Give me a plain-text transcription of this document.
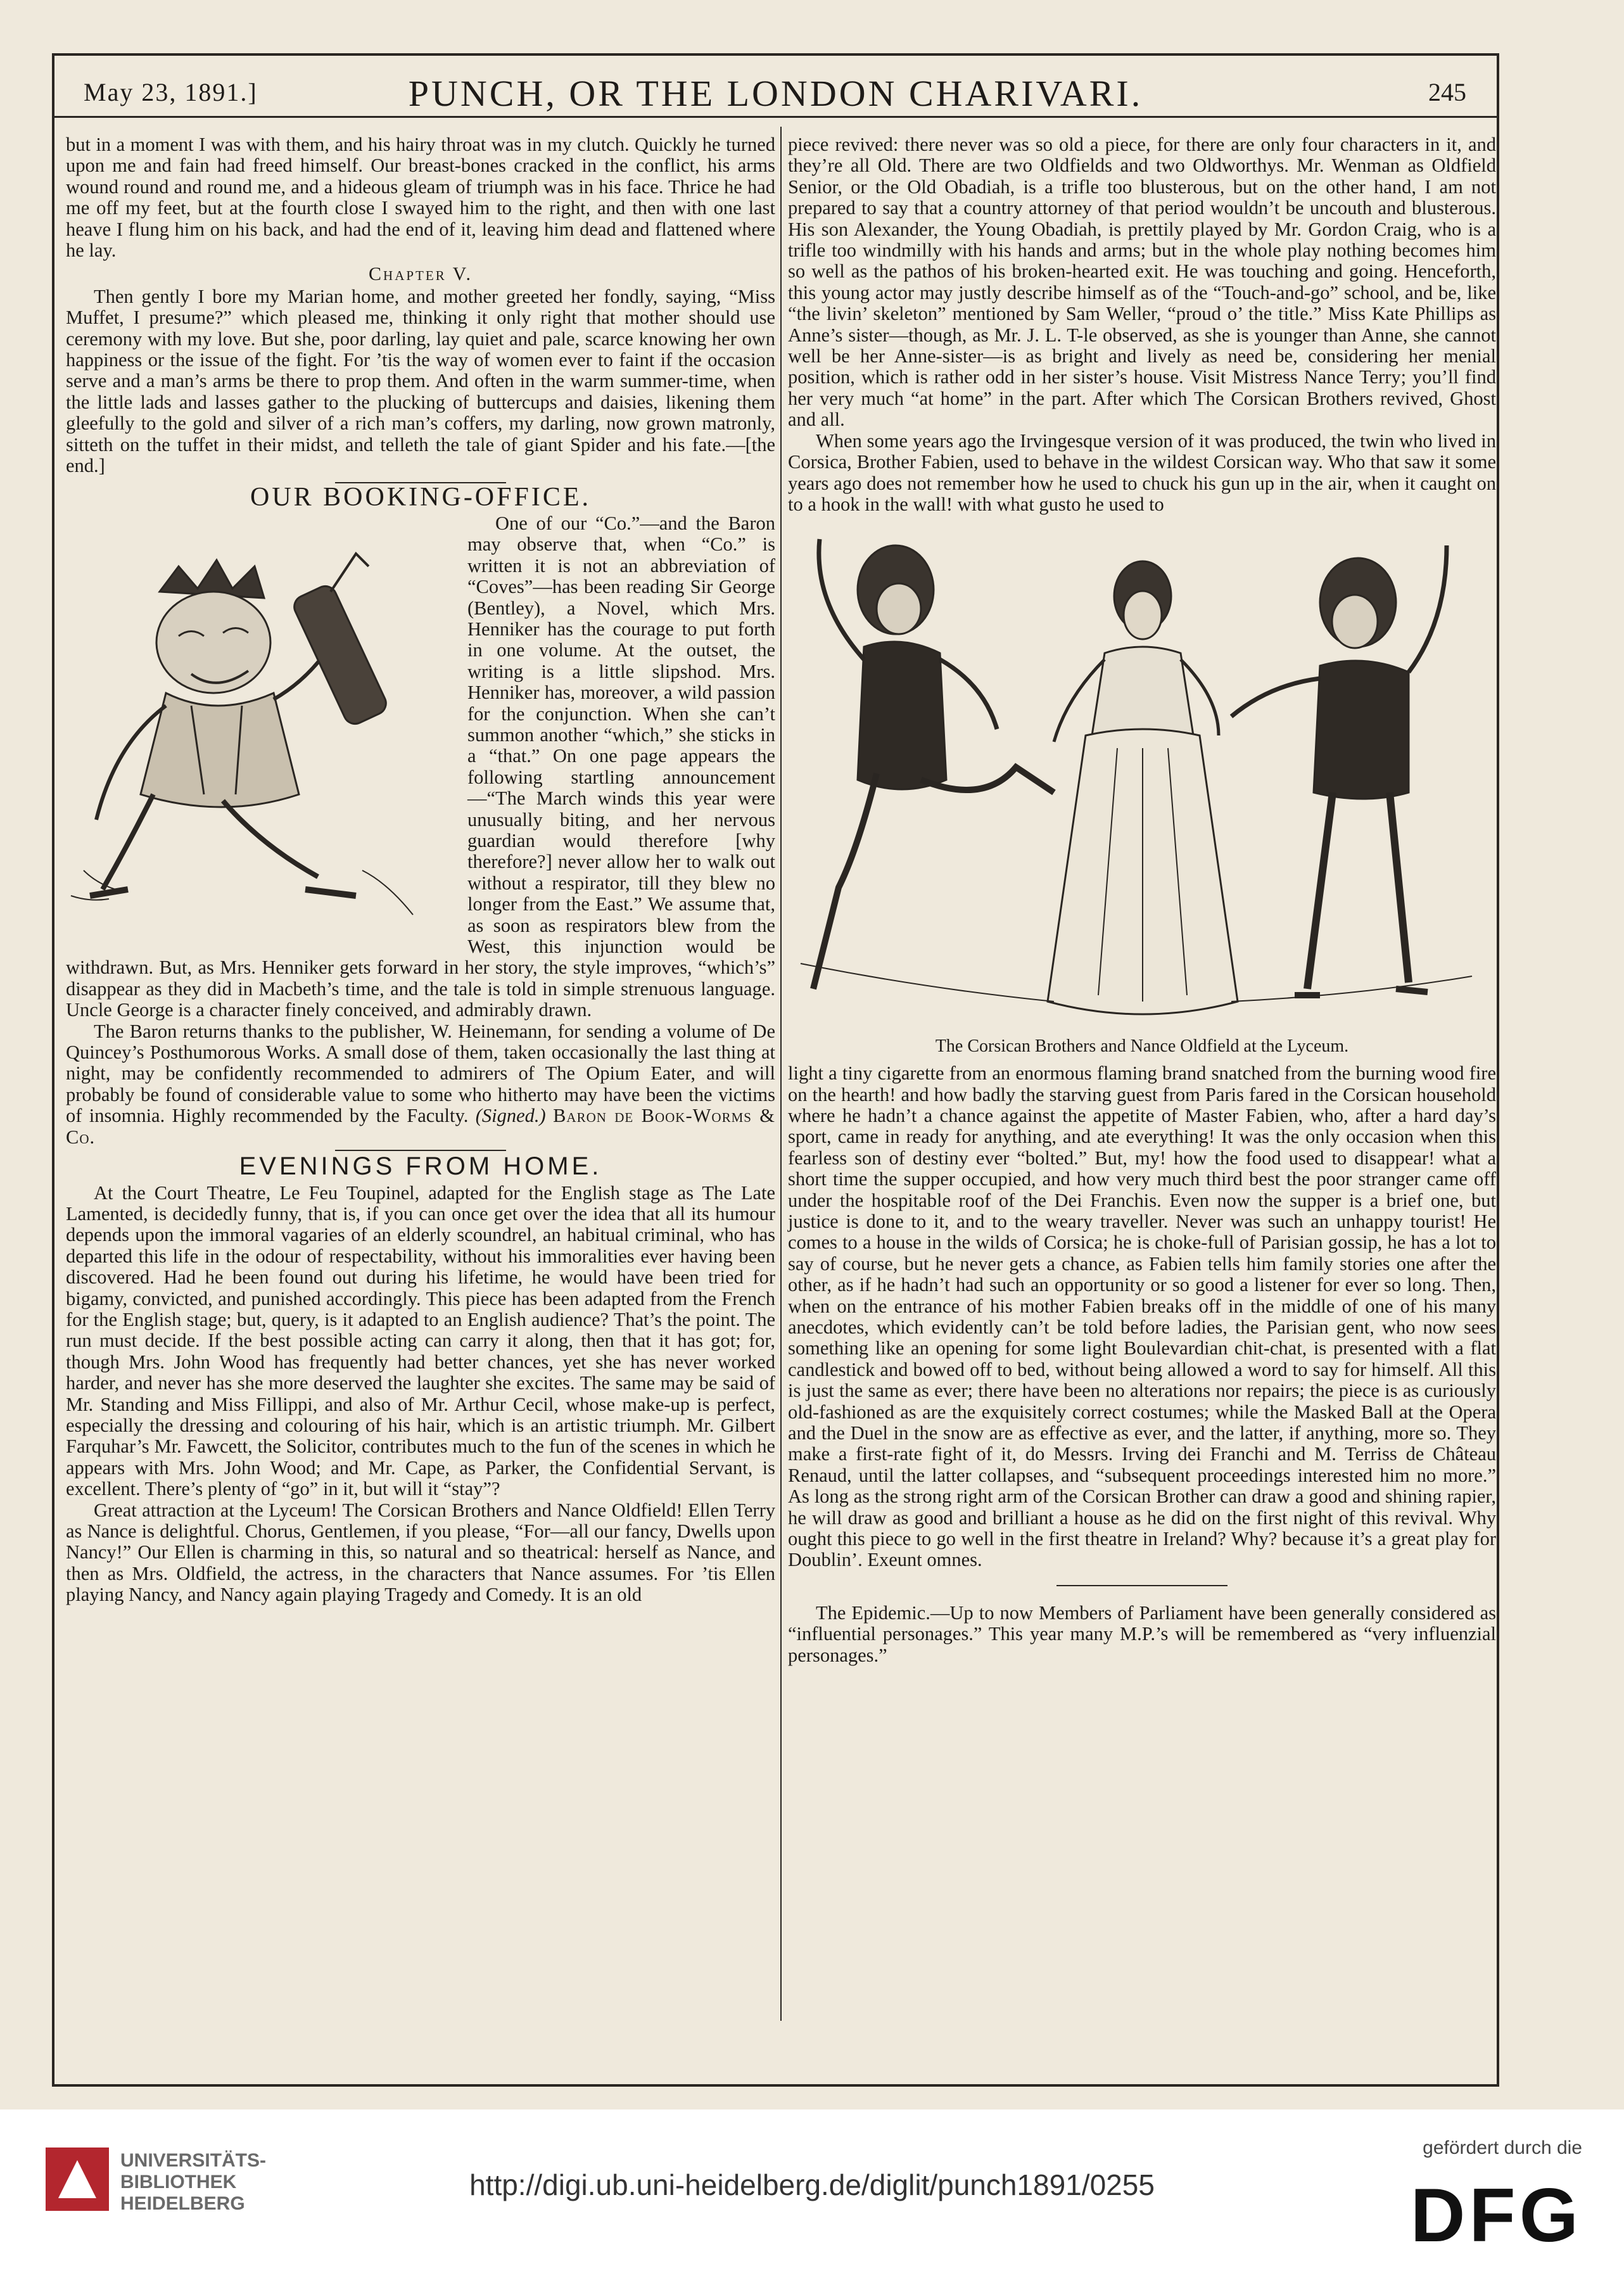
May 23, 1891.]	PUNCH, OR THE LONDON CHARIVARI.	245

but in a moment I was with them, and his hairy throat was in my clutch. Quickly he turned upon me and fain had freed himself. Our breast-bones cracked in the conflict, his arms wound round and round me, and a hideous gleam of triumph was in his face. Thrice he had me off my feet, but at the fourth close I swayed him to the right, and then with one last heave I flung him on his back, and had the end of it, leaving him dead and flattened where he lay.

Chapter V.

Then gently I bore my Marian home, and mother greeted her fondly, saying, “Miss Muffet, I presume?” which pleased me, thinking it only right that mother should use ceremony with my love. But she, poor darling, lay quiet and pale, scarce knowing her own happiness or the issue of the fight. For ’tis the way of women ever to faint if the occasion serve and a man’s arms be there to prop them. And often in the warm summer-time, when the little lads and lasses gather to the plucking of buttercups and daisies, likening them gleefully to the gold and silver of a rich man’s coffers, my darling, now grown matronly, sitteth on the tuffet in their midst, and telleth the tale of giant Spider and his fate.—[the end.]

OUR BOOKING-OFFICE.

One of our “Co.”—and the Baron may observe that, when “Co.” is written it is not an abbreviation of “Coves”—has been reading Sir George (Bentley), a Novel, which Mrs. Henniker has the courage to put forth in one volume. At the outset, the writing is a little slipshod. Mrs. Henniker has, moreover, a wild passion for the conjunction. When she can’t summon another “which,” she sticks in a “that.” On one page appears the following startling announcement —“The March winds this year were unusually biting, and her nervous guardian would therefore [why therefore?] never allow her to walk out without a respirator, till they blew no longer from the East.” We assume that, as soon as respirators blew from the West, this injunction would be withdrawn. But, as Mrs. Henniker gets forward in her story, the style improves, “which’s” disappear as they did in Macbeth’s time, and the tale is told in simple strenuous language. Uncle George is a character finely conceived, and admirably drawn.

The Baron returns thanks to the publisher, W. Heinemann, for sending a volume of De Quincey’s Posthumorous Works. A small dose of them, taken occasionally the last thing at night, may be confidently recommended to admirers of The Opium Eater, and will probably be found of considerable value to some who hitherto may have been the victims of insomnia. Highly recommended by the Faculty. (Signed.) Baron de Book-Worms & Co.

EVENINGS FROM HOME.

At the Court Theatre, Le Feu Toupinel, adapted for the English stage as The Late Lamented, is decidedly funny, that is, if you can once get over the idea that all its humour depends upon the immoral vagaries of an elderly scoundrel, an habitual criminal, who has departed this life in the odour of respectability, without his immoralities ever having been discovered. Had he been found out during his lifetime, he would have been tried for bigamy, convicted, and punished accordingly. This piece has been adapted from the French for the English stage; but, query, is it adapted to an English audience? That’s the point. The run must decide. If the best possible acting can carry it along, then that it has got; for, though Mrs. John Wood has frequently had better chances, yet she has never worked harder, and never has she more deserved the laughter she excites. The same may be said of Mr. Standing and Miss Fillippi, and also of Mr. Arthur Cecil, whose make-up is perfect, especially the dressing and colouring of his hair, which is an artistic triumph. Mr. Gilbert Farquhar’s Mr. Fawcett, the Solicitor, contributes much to the fun of the scenes in which he appears with Mrs. John Wood; and Mr. Cape, as Parker, the Confidential Servant, is excellent. There’s plenty of “go” in it, but will it “stay”?

Great attraction at the Lyceum! The Corsican Brothers and Nance Oldfield! Ellen Terry as Nance is delightful. Chorus, Gentlemen, if you please, “For—all our fancy, Dwells upon Nancy!” Our Ellen is charming in this, so natural and so theatrical: herself as Nance, and then as Mrs. Oldfield, the actress, in the characters that Nance assumes. For ’tis Ellen playing Nancy, and Nancy again playing Tragedy and Comedy. It is an old

piece revived: there never was so old a piece, for there are only four characters in it, and they’re all Old. There are two Oldfields and two Oldworthys. Mr. Wenman as Oldfield Senior, or the Old Obadiah, is a trifle too blusterous, but on the other hand, I am not prepared to say that a country attorney of that period wouldn’t be uncouth and blusterous. His son Alexander, the Young Obadiah, is prettily played by Mr. Gordon Craig, who is a trifle too windmilly with his hands and arms; but in the whole play nothing becomes him so well as the pathos of his broken-hearted exit. He was touching and going. Henceforth, this young actor may justly describe himself as of the “Touch-and-go” school, and be, like “the livin’ skeleton” mentioned by Sam Weller, “proud o’ the title.” Miss Kate Phillips as Anne’s sister—though, as Mr. J. L. T-le observed, as she is younger than Anne, she cannot well be her Anne-sister—is as bright and lively as need be, considering her menial position, which is rather odd in her sister’s house. Visit Mistress Nance Terry; you’ll find her very much “at home” in the part. After which The Corsican Brothers revived, Ghost and all.

When some years ago the Irvingesque version of it was produced, the twin who lived in Corsica, Brother Fabien, used to behave in the wildest Corsican way. Who that saw it some years ago does not remember how he used to chuck his gun up in the air, when it caught on to a hook in the wall! with what gusto he used to

The Corsican Brothers and Nance Oldfield at the Lyceum.

light a tiny cigarette from an enormous flaming brand snatched from the burning wood fire on the hearth! and how badly the starving guest from Paris fared in the Corsican household where he hadn’t a chance against the appetite of Master Fabien, who, after a hard day’s sport, came in ready for anything, and ate everything! It was the only occasion when this fearless son of destiny ever “bolted.” But, my! how the food used to disappear! what a short time the supper occupied, and how very much third best the poor stranger came off under the hospitable roof of the Dei Franchis. Even now the supper is a brief one, but justice is done to it, and to the weary traveller. Never was such an unhappy tourist! He comes to a house in the wilds of Corsica; he is choke-full of Parisian gossip, he has a lot to say of course, but he never gets a chance, as Fabien tells him family stories one after the other, as if he hadn’t had such an opportunity or so good a listener for ever so long. Then, when on the entrance of his mother Fabien breaks off in the middle of one of his many anecdotes, which evidently can’t be told before ladies, the Parisian gent, who now sees something like an opening for some light Boulevardian chit-chat, is presented with a flat candlestick and bowed off to bed, without being allowed a word to say for himself. All this is just the same as ever; there have been no alterations nor repairs; the piece is as curiously old-fashioned as are the exquisitely correct costumes; while the Masked Ball at the Opera and the Duel in the snow are as effective as ever, and the latter, if anything, more so. They make a first-rate fight of it, do Messrs. Irving dei Franchi and M. Terriss de Château Renaud, until the latter collapses, and “subsequent proceedings interested him no more.” As long as the strong right arm of the Corsican Brother can draw a good and shining rapier, he will draw as good and brilliant a house as he did on the first night of this revival. Why ought this piece to go well in the first theatre in Ireland? Why? because it’s a great play for Doublin’. Exeunt omnes.

The Epidemic.—Up to now Members of Parliament have been generally considered as “influential personages.” This year many M.P.’s will be remembered as “very influenzial personages.”

UNIVERSITÄTS-
BIBLIOTHEK
HEIDELBERG
http://digi.ub.uni-heidelberg.de/diglit/punch1891/0255
gefördert durch die
DFG
